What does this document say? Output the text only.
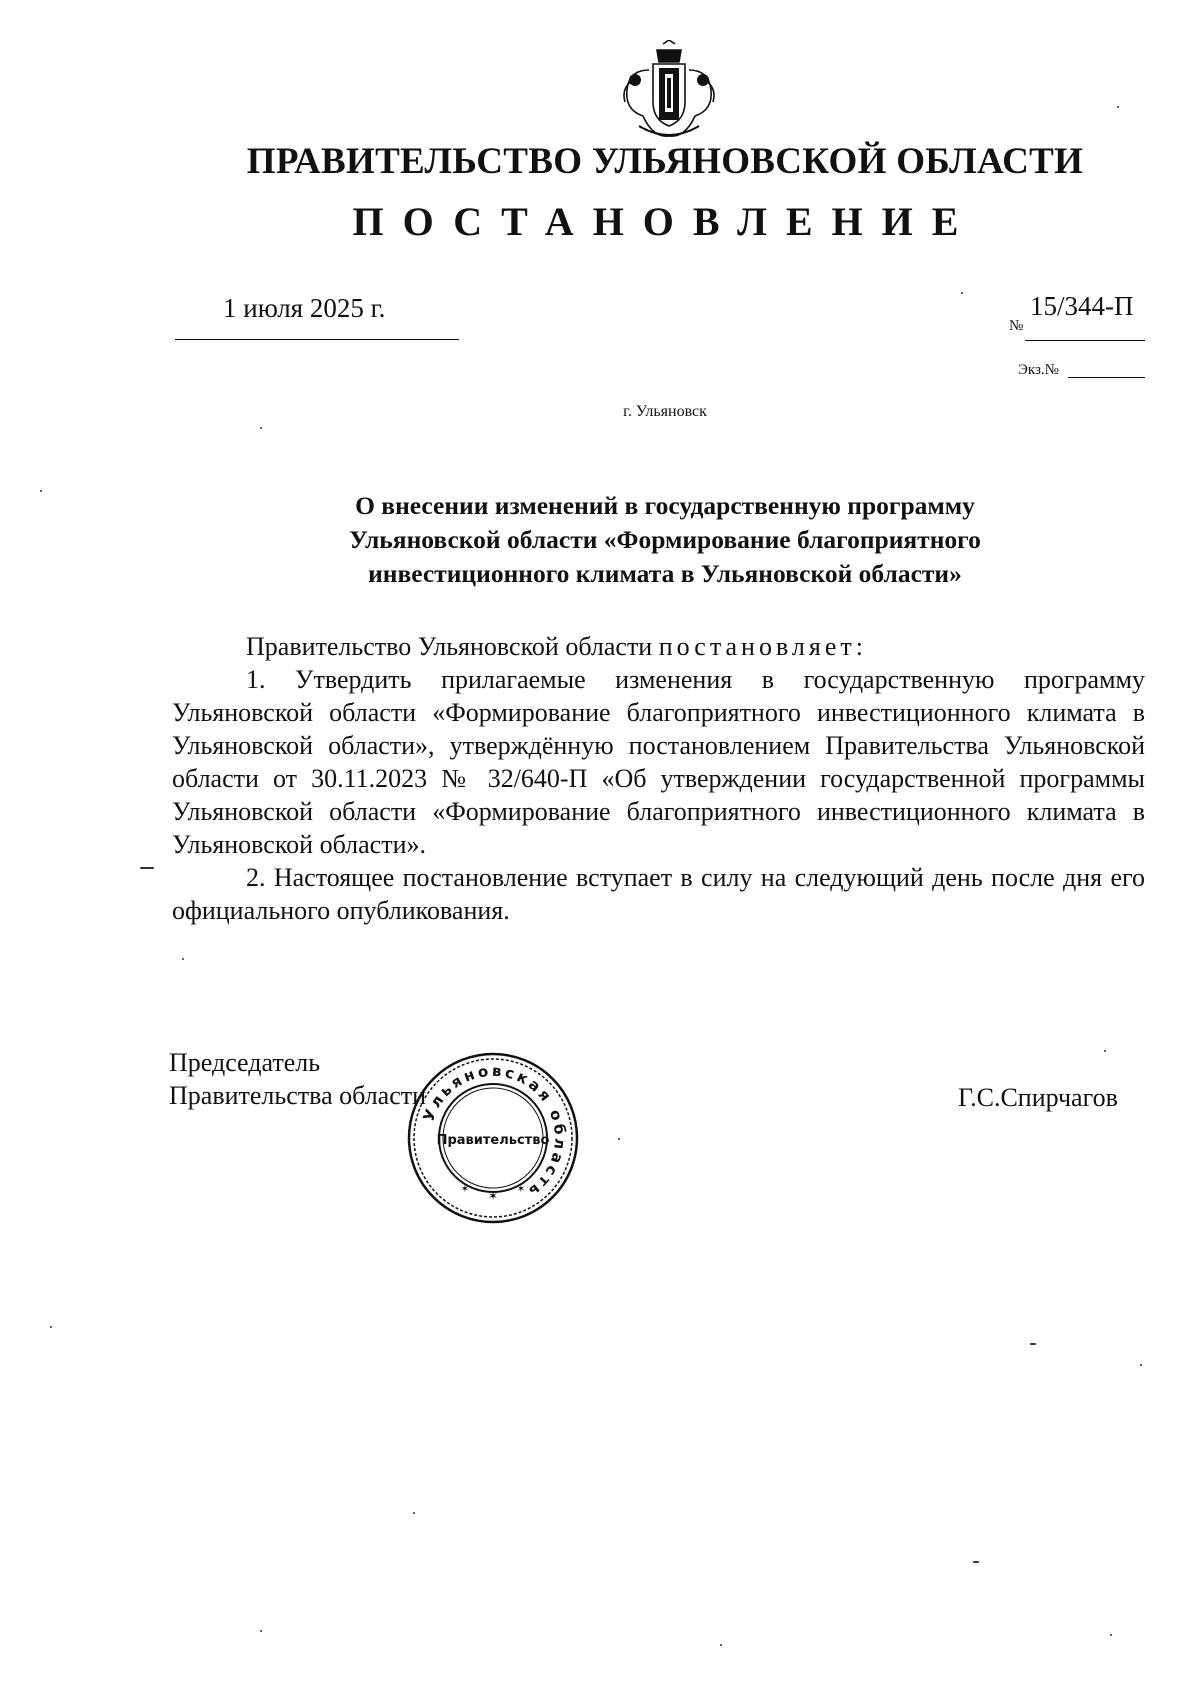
ПРАВИТЕЛЬСТВО УЛЬЯНОВСКОЙ ОБЛАСТИ
ПОСТАНОВЛЕНИЕ
1 июля 2025 г.
№
15/344-П
Экз.№
г. Ульяновск
О внесении изменений в государственную программу
Ульяновской области «Формирование благоприятного
инвестиционного климата в Ульяновской области»

Правительство Ульяновской области постановляет:

1. Утвердить прилагаемые изменения в государственную программу Ульяновской области «Формирование благоприятного инвестиционного климата в Ульяновской области», утверждённую постановлением Правительства Ульяновской области от 30.11.2023 № 32/640-П «Об утверждении государственной программы Ульяновской области «Формирование благоприятного инвестиционного климата в Ульяновской области».

2. Настоящее постановление вступает в силу на следующий день после дня его официального опубликования.

Председатель
Правительства области	Г.С.Спирчагов
Ульяновская область
Правительство
✶
✶	✶
